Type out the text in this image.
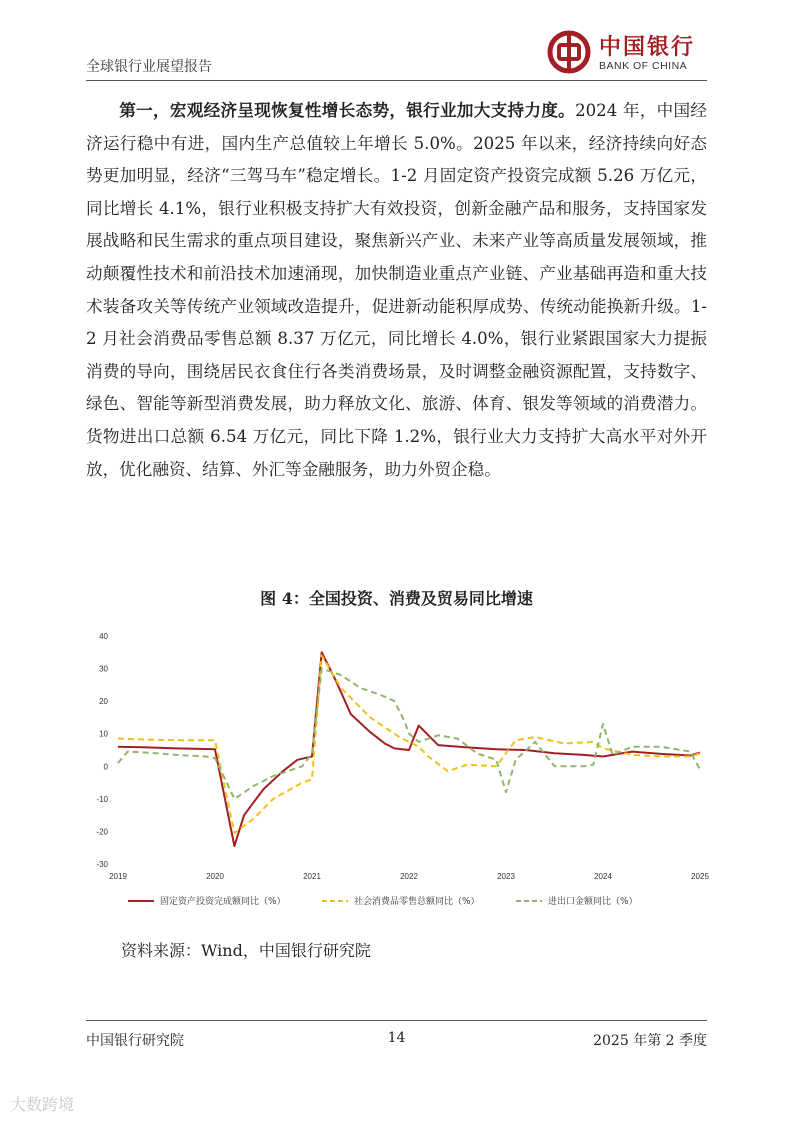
全球银行业展望报告
中国银行
BANK OF CHINA

第一，宏观经济呈现恢复性增长态势，银行业加大支持力度。2024 年，中国经济运行稳中有进，国内生产总值较上年增长 5.0%。2025 年以来，经济持续向好态势更加明显，经济“三驾马车”稳定增长。1-2 月固定资产投资完成额 5.26 万亿元，同比增长 4.1%，银行业积极支持扩大有效投资，创新金融产品和服务，支持国家发展战略和民生需求的重点项目建设，聚焦新兴产业、未来产业等高质量发展领域，推动颠覆性技术和前沿技术加速涌现，加快制造业重点产业链、产业基础再造和重大技术装备攻关等传统产业领域改造提升，促进新动能积厚成势、传统动能换新升级。1-2 月社会消费品零售总额 8.37 万亿元，同比增长 4.0%，银行业紧跟国家大力提振消费的导向，围绕居民衣食住行各类消费场景，及时调整金融资源配置，支持数字、绿色、智能等新型消费发展，助力释放文化、旅游、体育、银发等领域的消费潜力。货物进出口总额 6.54 万亿元，同比下降 1.2%，银行业大力支持扩大高水平对外开放，优化融资、结算、外汇等金融服务，助力外贸企稳。

图 4：全国投资、消费及贸易同比增速
40
30
20
10
0
-10
-20
-30
2019	2020	2021	2022	2023	2024	2025
固定资产投资完成额同比（%）	社会消费品零售总额同比（%）	进出口金额同比（%）
资料来源：Wind，中国银行研究院
中国银行研究院	14	2025 年第 2 季度
大数跨境
